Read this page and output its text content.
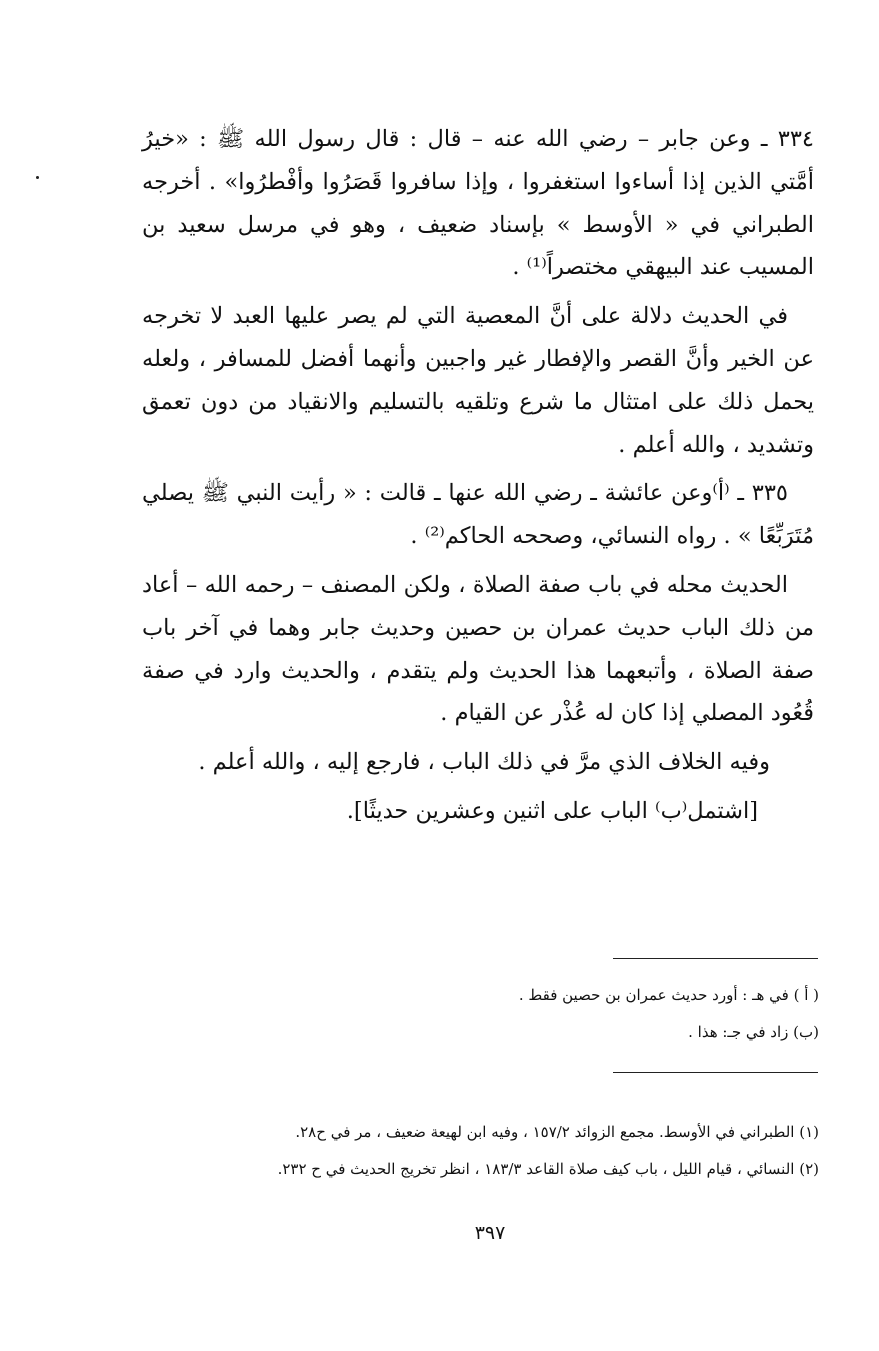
٣٣٤ ـ وعن جابر – رضي الله عنه – قال : قال رسول الله ﷺ : «خيرُ أمَّتي الذين إذا أساءوا استغفروا ، وإذا سافروا قَصَرُوا وأفْطرُوا» . أخرجه الطبراني في « الأوسط » بإسناد ضعيف ، وهو في مرسل سعيد بن المسيب عند البيهقي مختصراً⁽¹⁾ .

في الحديث دلالة على أنَّ المعصية التي لم يصر عليها العبد لا تخرجه عن الخير وأنَّ القصر والإفطار غير واجبين وأنهما أفضل للمسافر ، ولعله يحمل ذلك على امتثال ما شرع وتلقيه بالتسليم والانقياد من دون تعمق وتشديد ، والله أعلم .

٣٣٥ ـ ⁽أ⁾وعن عائشة ـ رضي الله عنها ـ قالت : « رأيت النبي ﷺ يصلي مُتَرَبِّعًا » . رواه النسائي، وصححه الحاكم⁽²⁾ .

الحديث محله في باب صفة الصلاة ، ولكن المصنف – رحمه الله – أعاد من ذلك الباب حديث عمران بن حصين وحديث جابر وهما في آخر باب صفة الصلاة ، وأتبعهما هذا الحديث ولم يتقدم ، والحديث وارد في صفة قُعُود المصلي إذا كان له عُذْر عن القيام .

وفيه الخلاف الذي مرَّ في ذلك الباب ، فارجع إليه ، والله أعلم .

[اشتمل⁽ب⁾ الباب على اثنين وعشرين حديثًا].

( أ ) في هـ : أورد حديث عمران بن حصين فقط .
(ب) زاد في جـ: هذا .
(١) الطبراني في الأوسط. مجمع الزوائد ١٥٧/٢ ، وفيه ابن لهيعة ضعيف ، مر في ح٢٨.
(٢) النسائي ، قيام الليل ، باب كيف صلاة القاعد ١٨٣/٣ ، انظر تخريج الحديث في ح ٢٣٢.
٣٩٧
